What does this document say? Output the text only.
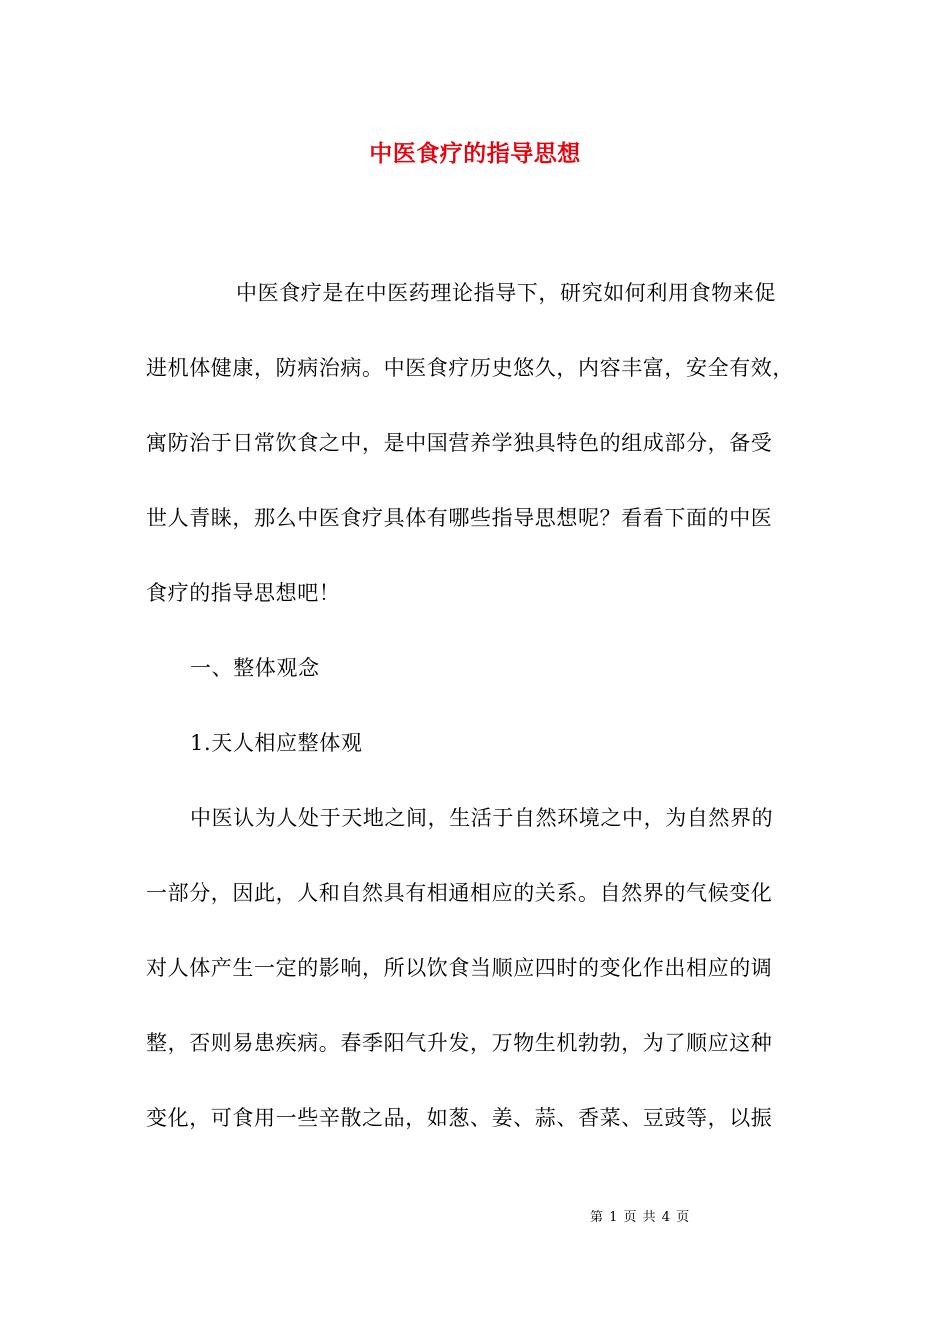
中医食疗的指导思想
中医食疗是在中医药理论指导下，研究如何利用食物来促
进机体健康，防病治病。中医食疗历史悠久，内容丰富，安全有效，
寓防治于日常饮食之中，是中国营养学独具特色的组成部分，备受
世人青睐，那么中医食疗具体有哪些指导思想呢？看看下面的中医
食疗的指导思想吧！
一、整体观念
1.天人相应整体观
中医认为人处于天地之间，生活于自然环境之中，为自然界的
一部分，因此，人和自然具有相通相应的关系。自然界的气候变化
对人体产生一定的影响，所以饮食当顺应四时的变化作出相应的调
整，否则易患疾病。春季阳气升发，万物生机勃勃，为了顺应这种
变化，可食用一些辛散之品，如葱、姜、蒜、香菜、豆豉等，以振
第 1 页 共 4 页
